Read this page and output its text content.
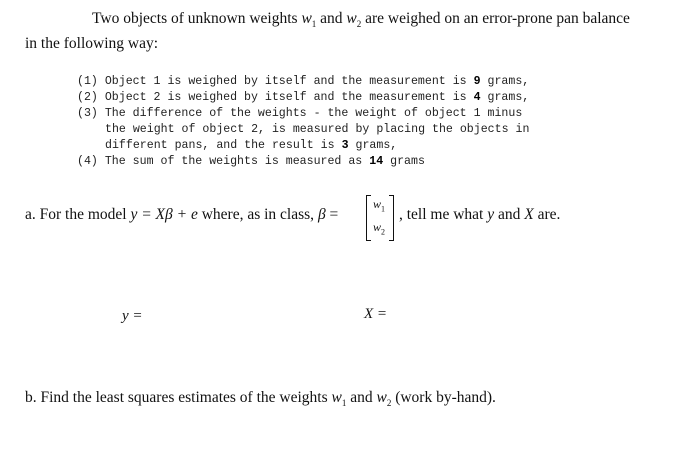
Two objects of unknown weights $w_1$ and $w_2$ are weighed on an error-prone pan balance
in the following way:
(1) Object 1 is weighed by itself and the measurement is 9 grams,
(2) Object 2 is weighed by itself and the measurement is 4 grams,
(3) The difference of the weights - the weight of object 1 minus
the weight of object 2, is measured by placing the objects in
different pans, and the result is 3 grams,
(4) The sum of the weights is measured as 14 grams
a. For the model y = Xβ + e where, as in class, β =
$w_1$
$w_2$
, tell me what y and X are.
y =	X =
b. Find the least squares estimates of the weights $w_1$ and $w_2$ (work by-hand).
